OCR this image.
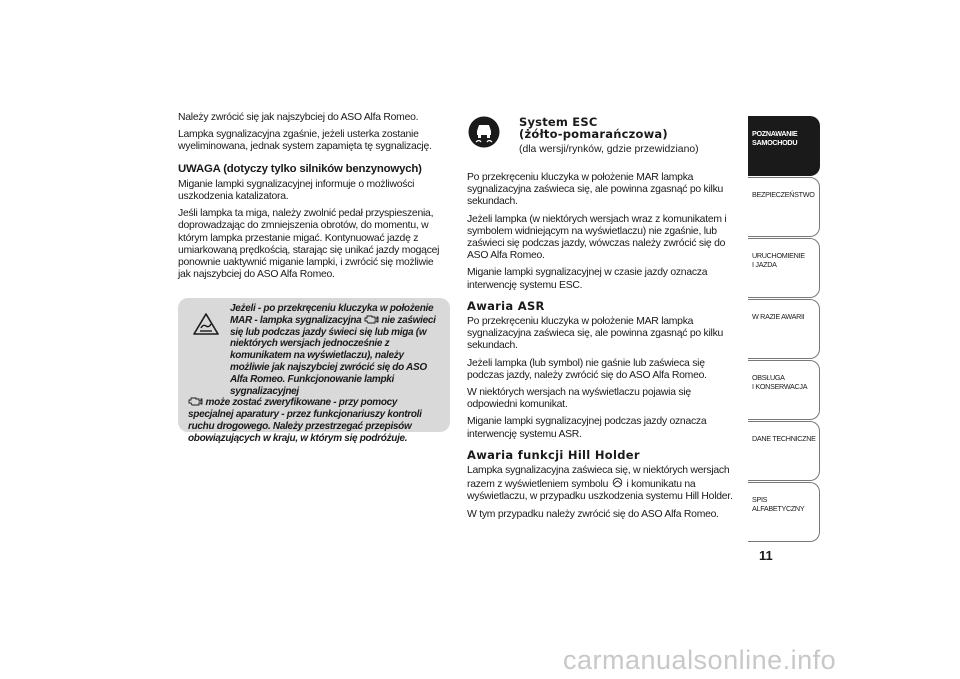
Należy zwrócić się jak najszybciej do ASO Alfa Romeo.

Lampka sygnalizacyjna zgaśnie, jeżeli usterka zostanie wyeliminowana, jednak system zapamięta tę sygnalizację.

UWAGA (dotyczy tylko silników benzynowych)

Miganie lampki sygnalizacyjnej informuje o możliwości uszkodzenia katalizatora.

Jeśli lampka ta miga, należy zwolnić pedał przyspieszenia, doprowadzając do zmniejszenia obrotów, do momentu, w którym lampka przestanie migać. Kontynuować jazdę z umiarkowaną prędkością, starając się unikać jazdy mogącej ponownie uaktywnić miganie lampki, i zwrócić się możliwie jak najszybciej do ASO Alfa Romeo.

Jeżeli - po przekręceniu kluczyka w położenie MAR - lampka sygnalizacyjna nie zaświeci się lub podczas jazdy świeci się lub miga (w niektórych wersjach jednocześnie z komunikatem na wyświetlaczu), należy możliwie jak najszybciej zwrócić się do ASO Alfa Romeo. Funkcjonowanie lampki sygnalizacyjnej
może zostać zweryfikowane - przy pomocy specjalnej aparatury - przez funkcjonariuszy kontroli ruchu drogowego. Należy przestrzegać przepisów obowiązujących w kraju, w którym się podróżuje.
System ESC
(żółto-pomarańczowa)
(dla wersji/rynków, gdzie przewidziano)

Po przekręceniu kluczyka w położenie MAR lampka sygnalizacyjna zaświeca się, ale powinna zgasnąć po kilku sekundach.

Jeżeli lampka (w niektórych wersjach wraz z komunikatem i symbolem widniejącym na wyświetlaczu) nie zgaśnie, lub zaświeci się podczas jazdy, wówczas należy zwrócić się do ASO Alfa Romeo.

Miganie lampki sygnalizacyjnej w czasie jazdy oznacza interwencję systemu ESC.

Awaria ASR

Po przekręceniu kluczyka w położenie MAR lampka sygnalizacyjna zaświeca się, ale powinna zgasnąć po kilku sekundach.

Jeżeli lampka (lub symbol) nie gaśnie lub zaświeca się podczas jazdy, należy zwrócić się do ASO Alfa Romeo.

W niektórych wersjach na wyświetlaczu pojawia się odpowiedni komunikat.

Miganie lampki sygnalizacyjnej podczas jazdy oznacza interwencję systemu ASR.

Awaria funkcji Hill Holder

Lampka sygnalizacyjna zaświeca się, w niektórych wersjach razem z wyświetleniem symbolu i komunikatu na wyświetlaczu, w przypadku uszkodzenia systemu Hill Holder.

W tym przypadku należy zwrócić się do ASO Alfa Romeo.

POZNAWANIE
SAMOCHODU
BEZPIECZEŃSTWO
URUCHOMIENIE
I JAZDA
W RAZIE AWARII
OBSŁUGA
I KONSERWACJA
DANE TECHNICZNE
SPIS ALFABETYCZNY
11
carmanualsonline.info
